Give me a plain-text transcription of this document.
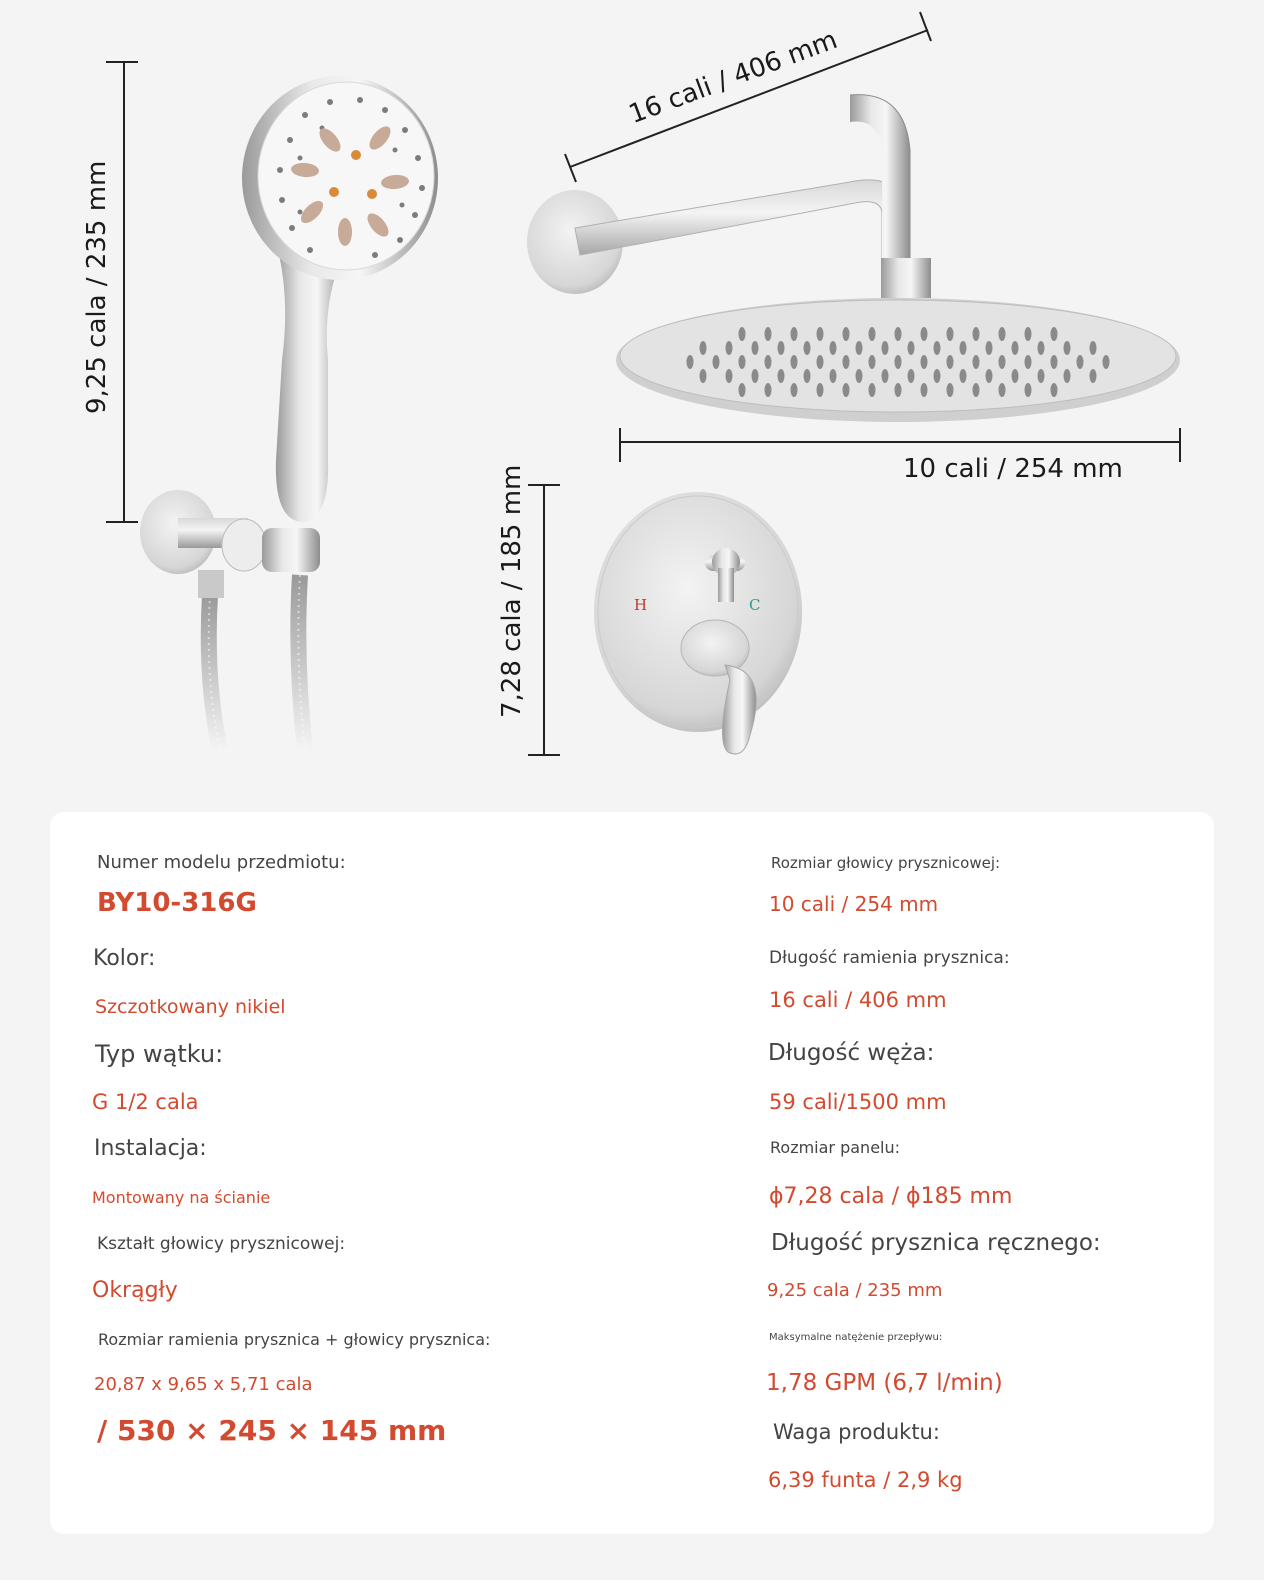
H	C
9,25 cala / 235 mm
16 cali / 406 mm
10 cali / 254 mm
7,28 cala / 185 mm
Numer modelu przedmiotu:
BY10-316G
Kolor:
Szczotkowany nikiel
Typ wątku:
G 1/2 cala
Instalacja:
Montowany na ścianie
Kształt głowicy prysznicowej:
Okrągły
Rozmiar ramienia prysznica + głowicy prysznica:
20,87 x 9,65 x 5,71 cala
/ 530 × 245 × 145 mm
Rozmiar głowicy prysznicowej:
10 cali / 254 mm
Długość ramienia prysznica:
16 cali / 406 mm
Długość węża:
59 cali/1500 mm
Rozmiar panelu:
ϕ7,28 cala / ϕ185 mm
Długość prysznica ręcznego:
9,25 cala / 235 mm
Maksymalne natężenie przepływu:
1,78 GPM (6,7 l/min)
Waga produktu:
6,39 funta / 2,9 kg
